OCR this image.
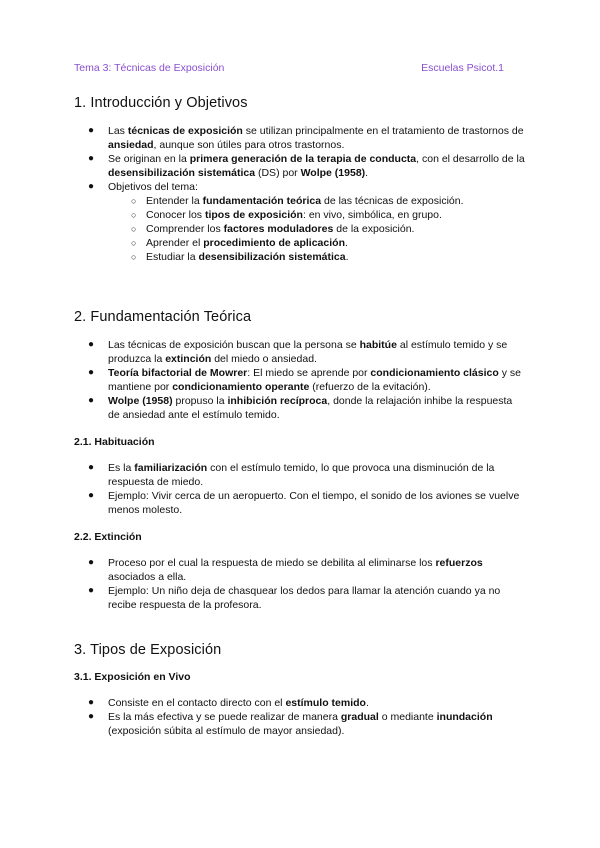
Tema 3: Técnicas de Exposición	Escuelas Psicot.1
1. Introducción y Objetivos
●	Las técnicas de exposición se utilizan principalmente en el tratamiento de trastornos de ansiedad, aunque son útiles para otros trastornos.
●	Se originan en la primera generación de la terapia de conducta, con el desarrollo de la desensibilización sistemática (DS) por Wolpe (1958).
●	Objetivos del tema:
○ Entender la fundamentación teórica de las técnicas de exposición.
○ Conocer los tipos de exposición: en vivo, simbólica, en grupo.
○ Comprender los factores moduladores de la exposición.
○ Aprender el procedimiento de aplicación.
○ Estudiar la desensibilización sistemática.
2. Fundamentación Teórica
●	Las técnicas de exposición buscan que la persona se habitúe al estímulo temido y se produzca la extinción del miedo o ansiedad.
●	Teoría bifactorial de Mowrer: El miedo se aprende por condicionamiento clásico y se mantiene por condicionamiento operante (refuerzo de la evitación).
●	Wolpe (1958) propuso la inhibición recíproca, donde la relajación inhibe la respuesta de ansiedad ante el estímulo temido.
2.1. Habituación
●	Es la familiarización con el estímulo temido, lo que provoca una disminución de la respuesta de miedo.
●	Ejemplo: Vivir cerca de un aeropuerto. Con el tiempo, el sonido de los aviones se vuelve menos molesto.
2.2. Extinción
●	Proceso por el cual la respuesta de miedo se debilita al eliminarse los refuerzos asociados a ella.
●	Ejemplo: Un niño deja de chasquear los dedos para llamar la atención cuando ya no recibe respuesta de la profesora.
3. Tipos de Exposición
3.1. Exposición en Vivo
●	Consiste en el contacto directo con el estímulo temido.
●	Es la más efectiva y se puede realizar de manera gradual o mediante inundación (exposición súbita al estímulo de mayor ansiedad).
